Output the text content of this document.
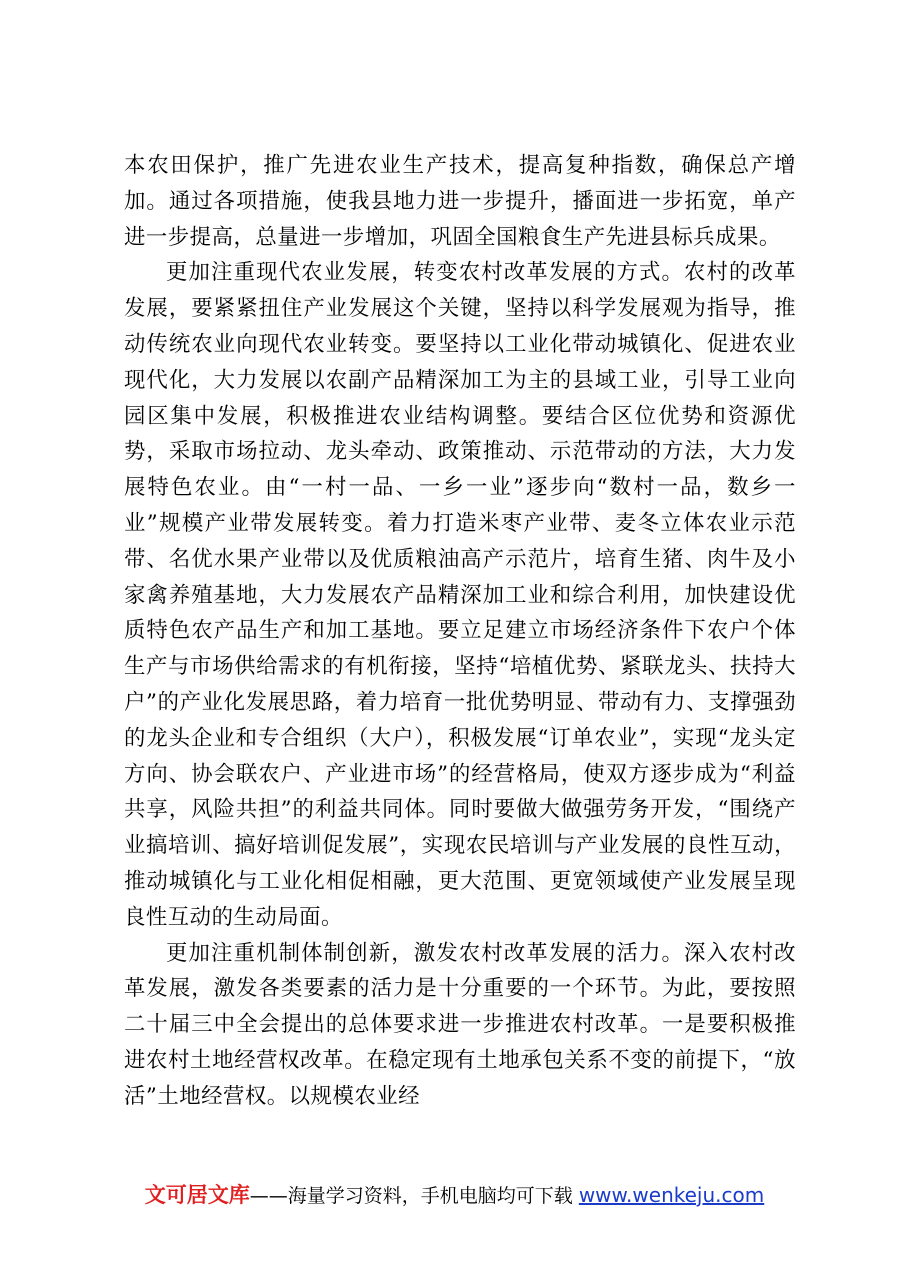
本农田保护，推广先进农业生产技术，提高复种指数，确保总产增加。通过各项措施，使我县地力进一步提升，播面进一步拓宽，单产进一步提高，总量进一步增加，巩固全国粮食生产先进县标兵成果。

更加注重现代农业发展，转变农村改革发展的方式。农村的改革发展，要紧紧扭住产业发展这个关键，坚持以科学发展观为指导，推动传统农业向现代农业转变。要坚持以工业化带动城镇化、促进农业现代化，大力发展以农副产品精深加工为主的县域工业，引导工业向园区集中发展，积极推进农业结构调整。要结合区位优势和资源优势，采取市场拉动、龙头牵动、政策推动、示范带动的方法，大力发展特色农业。由“一村一品、一乡一业”逐步向“数村一品，数乡一业”规模产业带发展转变。着力打造米枣产业带、麦冬立体农业示范带、名优水果产业带以及优质粮油高产示范片，培育生猪、肉牛及小家禽养殖基地，大力发展农产品精深加工业和综合利用，加快建设优质特色农产品生产和加工基地。要立足建立市场经济条件下农户个体生产与市场供给需求的有机衔接，坚持“培植优势、紧联龙头、扶持大户”的产业化发展思路，着力培育一批优势明显、带动有力、支撑强劲的龙头企业和专合组织（大户），积极发展“订单农业”，实现“龙头定方向、协会联农户、产业进市场”的经营格局，使双方逐步成为“利益共享，风险共担”的利益共同体。同时要做大做强劳务开发，“围绕产业搞培训、搞好培训促发展”，实现农民培训与产业发展的良性互动，推动城镇化与工业化相促相融，更大范围、更宽领域使产业发展呈现良性互动的生动局面。

更加注重机制体制创新，激发农村改革发展的活力。深入农村改革发展，激发各类要素的活力是十分重要的一个环节。为此，要按照二十届三中全会提出的总体要求进一步推进农村改革。一是要积极推进农村土地经营权改革。在稳定现有土地承包关系不变的前提下，“放活”土地经营权。以规模农业经

文可居文库——海量学习资料，手机电脑均可下载 www.wenkeju.com
